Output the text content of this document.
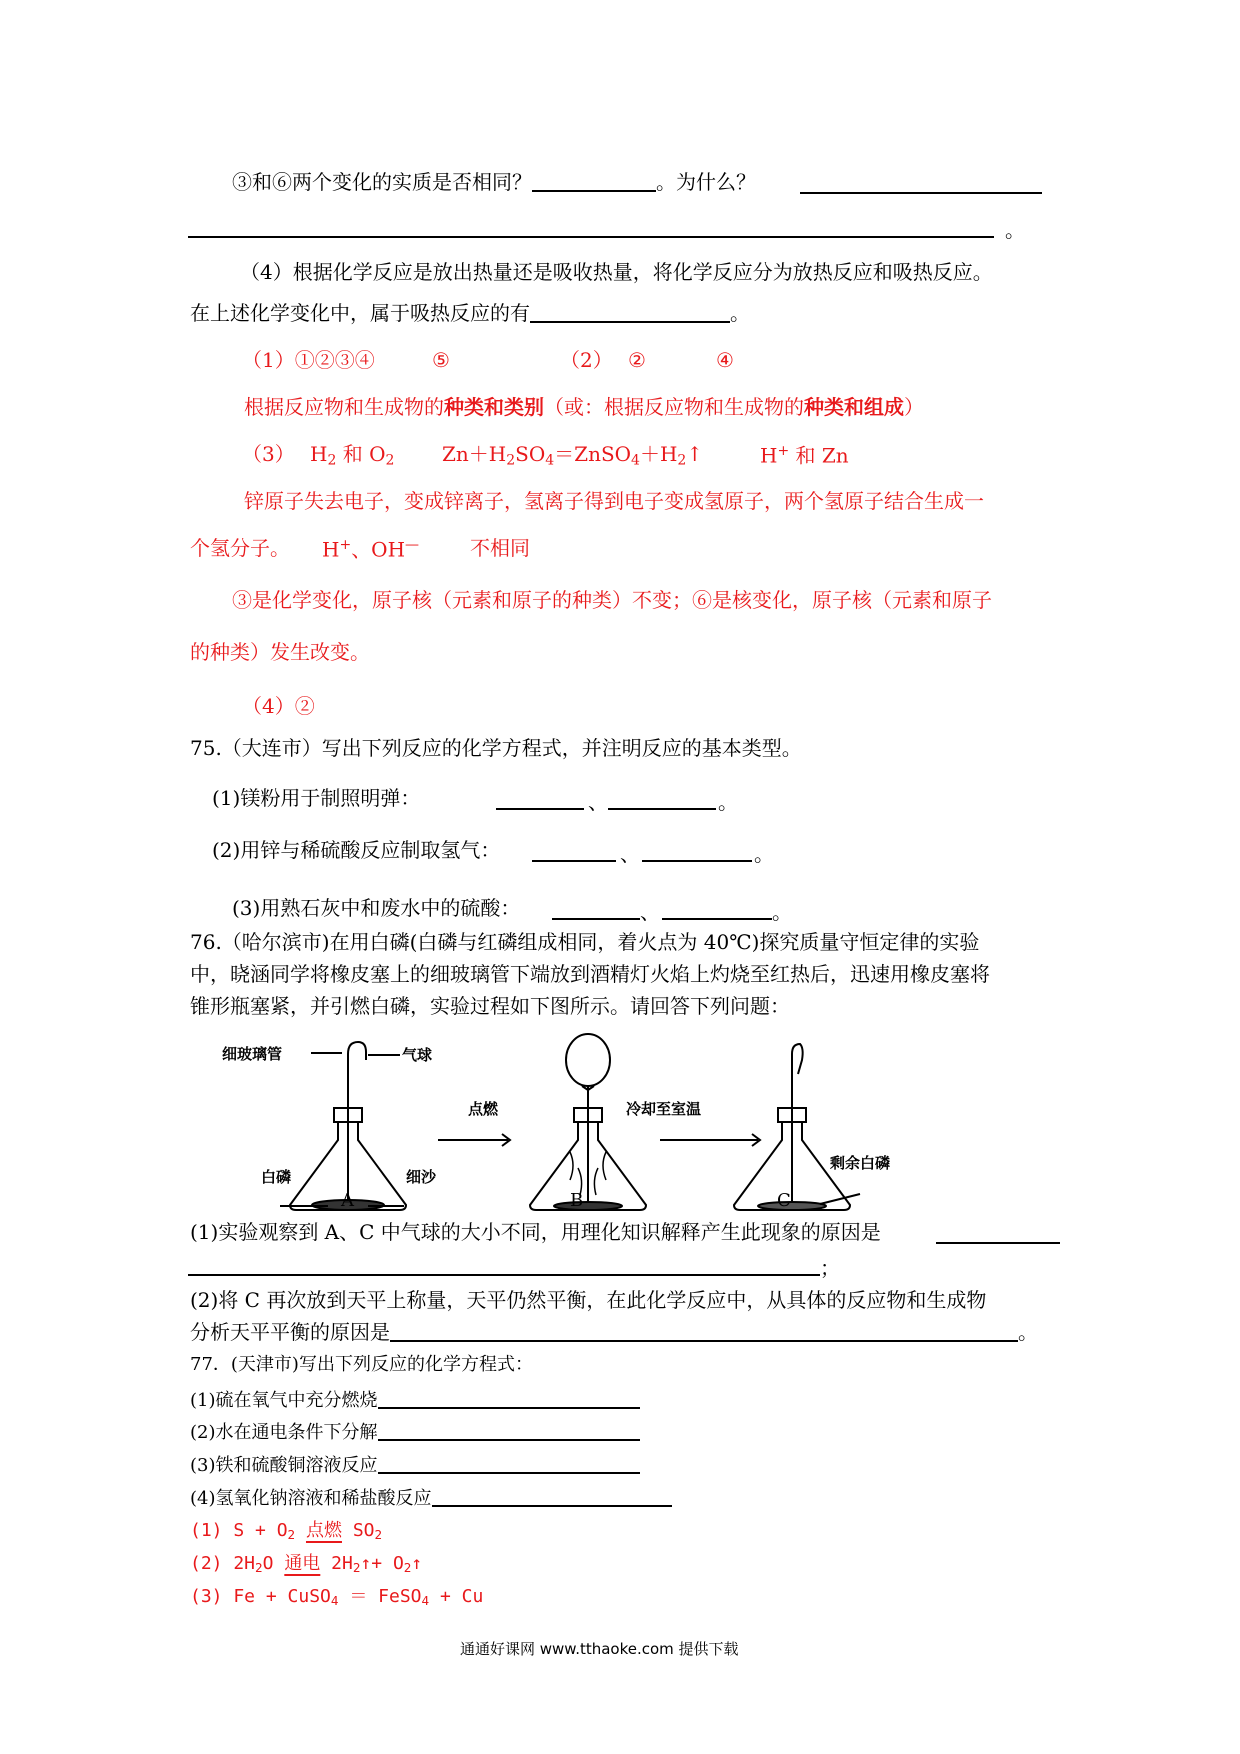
③和⑥两个变化的实质是否相同？	。为什么？
。
（4）根据化学反应是放出热量还是吸收热量，将化学反应分为放热反应和吸热反应。
在上述化学变化中，属于吸热反应的有	。
（1）①②③④	⑤	（2） ②	④
根据反应物和生成物的种类和类别（或：根据反应物和生成物的种类和组成）
（3） $H_2$ 和 $O_2$ $Zn+H_2SO_4=ZnSO_4+H_2↑$	H+ 和 Zn
锌原子失去电子，变成锌离子，氢离子得到电子变成氢原子，两个氢原子结合生成一
个氢分子。 H+、OH—	不相同
③是化学变化，原子核（元素和原子的种类）不变；⑥是核变化，原子核（元素和原子
的种类）发生改变。
（4）②
75.（大连市）写出下列反应的化学方程式，并注明反应的基本类型。
(1)镁粉用于制照明弹：	、	。
(2)用锌与稀硫酸反应制取氢气：	、	。
(3)用熟石灰中和废水中的硫酸：	、	。
76.（哈尔滨市)在用白磷(白磷与红磷组成相同，着火点为 40℃)探究质量守恒定律的实验
中，晓涵同学将橡皮塞上的细玻璃管下端放到酒精灯火焰上灼烧至红热后，迅速用橡皮塞将
锥形瓶塞紧，并引燃白磷，实验过程如下图所示。请回答下列问题：
细玻璃管	气球
白磷	细沙
点燃	冷却至室温
剩余白磷
A	B	C
(1)实验观察到 A、C 中气球的大小不同，用理化知识解释产生此现象的原因是
；
(2)将 C 再次放到天平上称量，天平仍然平衡，在此化学反应中，从具体的反应物和生成物
分析天平平衡的原因是	。
77．(天津市)写出下列反应的化学方程式：
(1)硫在氧气中充分燃烧
(2)水在通电条件下分解
(3)铁和硫酸铜溶液反应
(4)氢氧化钠溶液和稀盐酸反应
(1) $S + O_2$ 点燃 $SO_2$
(2) $2H_2O$ 通电 $2H_2↑+$ $O_2↑$
(3) Fe + CuSO$_4$ ＝ FeSO$_4$ + Cu
通通好课网 www.tthaoke.com 提供下载
